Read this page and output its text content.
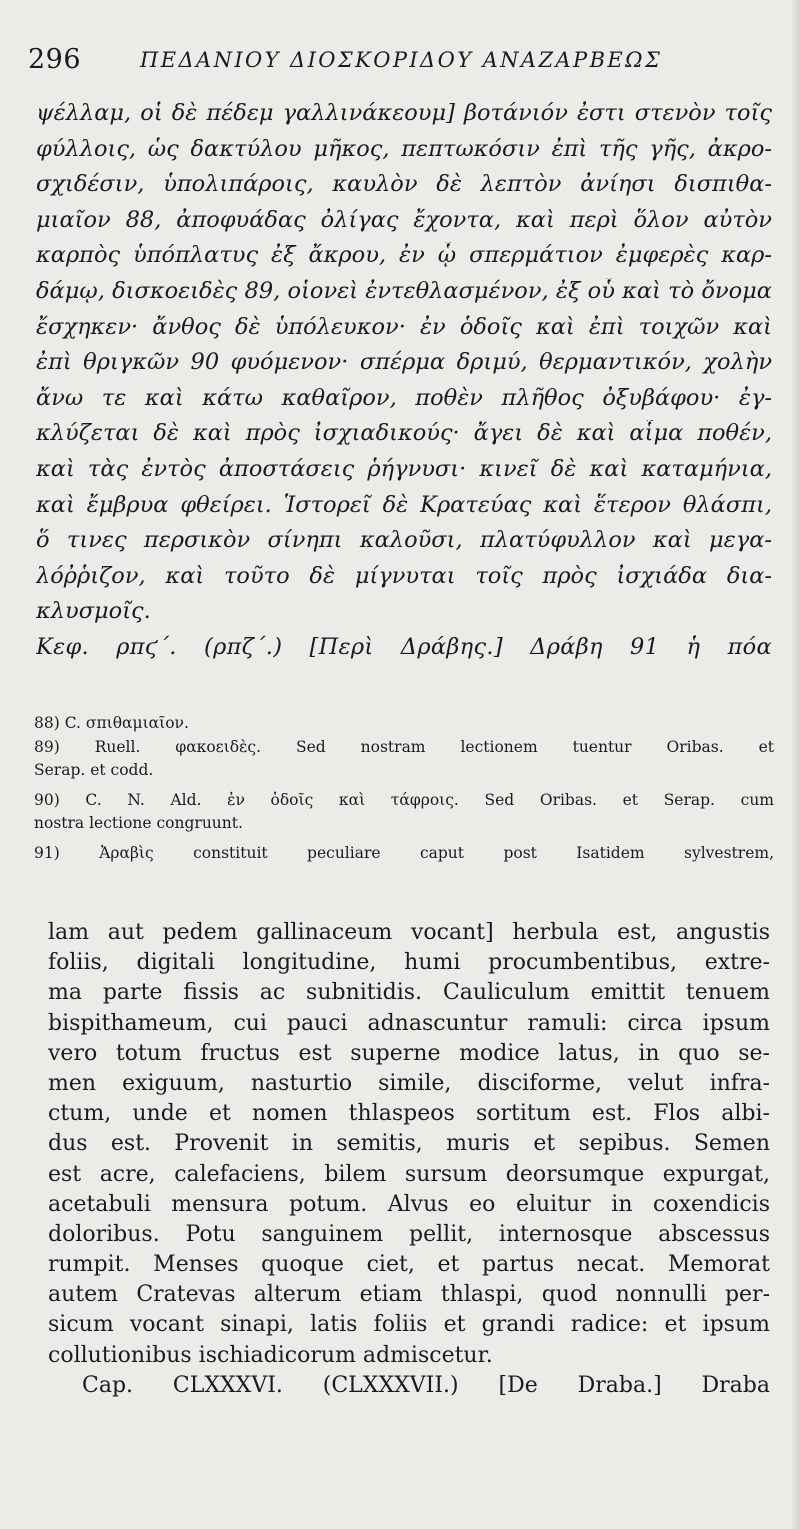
296	ΠΕΔΑΝΙΟΥ ΔΙΟΣΚΟΡΙΔΟΥ ΑΝΑΖΑΡΒΕΩΣ
ψέλλαμ, οἱ δὲ πέδεμ γαλλινάκεουμ] βοτάνιόν ἐστι στενὸν τοῖς
φύλλοις, ὡς δακτύλου μῆκος, πεπτωκόσιν ἐπὶ τῆς γῆς, ἀκρο-
σχιδέσιν, ὑπολιπάροις, καυλὸν δὲ λεπτὸν ἀνίησι δισπιθα-
μιαῖον 88, ἀποφυάδας ὀλίγας ἔχοντα, καὶ περὶ ὅλον αὐτὸν
καρπὸς ὑπόπλατυς ἐξ ἄκρου, ἐν ᾧ σπερμάτιον ἐμφερὲς καρ-
δάμῳ, δισκοειδὲς 89, οἱονεὶ ἐντεθλασμένον, ἐξ οὗ καὶ τὸ ὄνομα
ἔσχηκεν· ἄνθος δὲ ὑπόλευκον· ἐν ὁδοῖς καὶ ἐπὶ τοιχῶν καὶ
ἐπὶ θριγκῶν 90 φυόμενον· σπέρμα δριμύ, θερμαντικόν, χολὴν
ἄνω τε καὶ κάτω καθαῖρον, ποθὲν πλῆθος ὀξυβάφου· ἐγ-
κλύζεται δὲ καὶ πρὸς ἰσχιαδικούς· ἄγει δὲ καὶ αἷμα ποθέν,
καὶ τὰς ἐντὸς ἀποστάσεις ῥήγνυσι· κινεῖ δὲ καὶ καταμήνια,
καὶ ἔμβρυα φθείρει. Ἱστορεῖ δὲ Κρατεύας καὶ ἕτερον θλάσπι,
ὅ τινες περσικὸν σίνηπι καλοῦσι, πλατύφυλλον καὶ μεγα-
λόῤῥιζον, καὶ τοῦτο δὲ μίγνυται τοῖς πρὸς ἰσχιάδα δια-
κλυσμοῖς.
Κεφ. ρπϛ΄. (ρπζ΄.) [Περὶ Δράβης.] Δράβη 91 ἡ πόα
88) C. σπιθαμιαῖον.
89) Ruell. φακοειδὲς. Sed nostram lectionem tuentur Oribas. et
Serap. et codd.
90) C. N. Ald. ἐν ὁδοῖς καὶ τάφροις. Sed Oribas. et Serap. cum
nostra lectione congruunt.
91) Ἀραβὶς constituit peculiare caput post Isatidem sylvestrem,
lam aut pedem gallinaceum vocant] herbula est, angustis
foliis, digitali longitudine, humi procumbentibus, extre-
ma parte fissis ac subnitidis. Cauliculum emittit tenuem
bispithameum, cui pauci adnascuntur ramuli: circa ipsum
vero totum fructus est superne modice latus, in quo se-
men exiguum, nasturtio simile, disciforme, velut infra-
ctum, unde et nomen thlaspeos sortitum est. Flos albi-
dus est. Provenit in semitis, muris et sepibus. Semen
est acre, calefaciens, bilem sursum deorsumque expurgat,
acetabuli mensura potum. Alvus eo eluitur in coxendicis
doloribus. Potu sanguinem pellit, internosque abscessus
rumpit. Menses quoque ciet, et partus necat. Memorat
autem Cratevas alterum etiam thlaspi, quod nonnulli per-
sicum vocant sinapi, latis foliis et grandi radice: et ipsum
collutionibus ischiadicorum admiscetur.
Cap. CLXXXVI. (CLXXXVII.) [De Draba.] Draba
